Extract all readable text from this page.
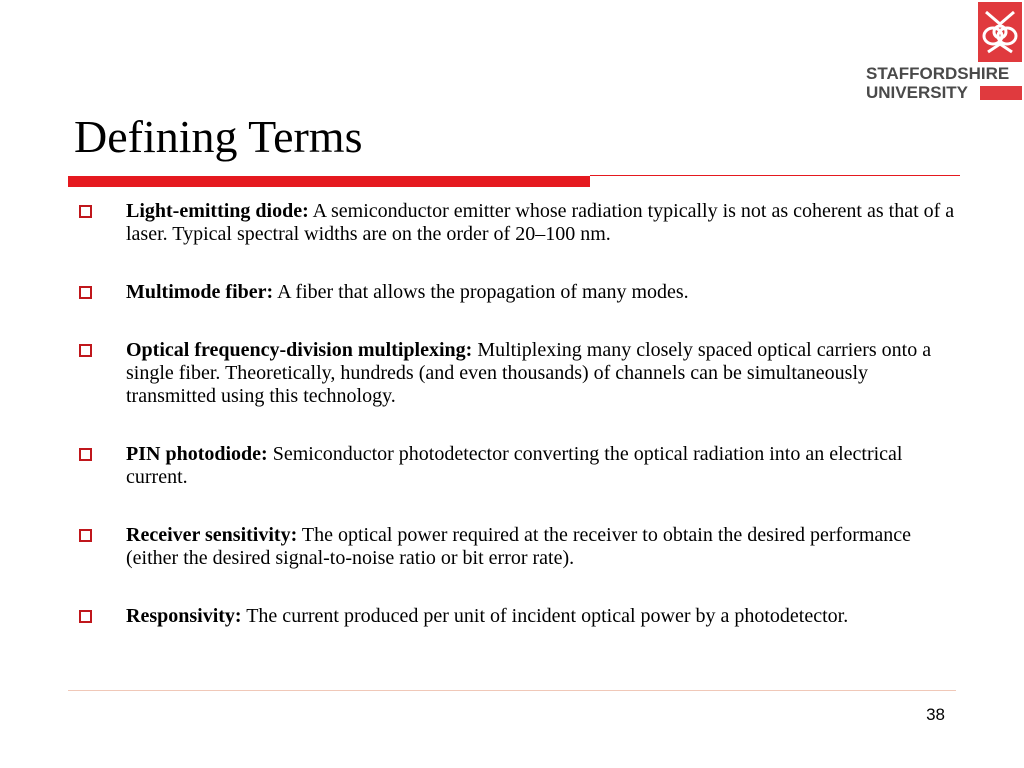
STAFFORDSHIRE
UNIVERSITY
Defining Terms
Light-emitting diode: A semiconductor emitter whose radiation typically is not as coherent as that of a laser. Typical spectral widths are on the order of 20–100 nm.
Multimode fiber: A fiber that allows the propagation of many modes.
Optical frequency-division multiplexing: Multiplexing many closely spaced optical carriers onto a single fiber. Theoretically, hundreds (and even thousands) of channels can be simultaneously transmitted using this technology.
PIN photodiode: Semiconductor photodetector converting the optical radiation into an electrical current.
Receiver sensitivity: The optical power required at the receiver to obtain the desired performance (either the desired signal-to-noise ratio or bit error rate).
Responsivity: The current produced per unit of incident optical power by a photodetector.
38
